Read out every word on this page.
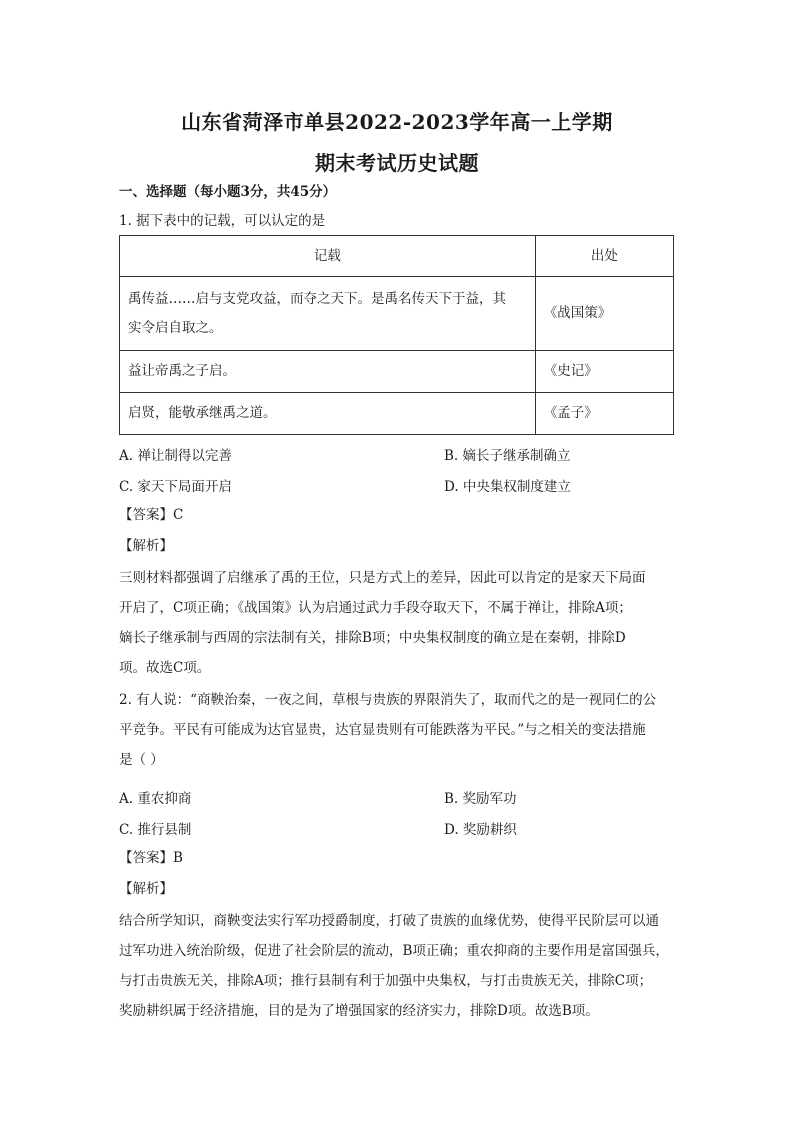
山东省菏泽市单县2022-2023学年高一上学期
期末考试历史试题
一、选择题（每小题3分，共45分）
1. 据下表中的记载，可以认定的是
记载	出处

禹传益……启与支党攻益，而夺之天下。是禹名传天下于益，其
实令启自取之。	《战国策》
益让帝禹之子启。	《史记》
启贤，能敬承继禹之道。	《孟子》
A. 禅让制得以完善	B. 嫡长子继承制确立
C. 家天下局面开启	D. 中央集权制度建立
【答案】C
【解析】
三则材料都强调了启继承了禹的王位，只是方式上的差异，因此可以肯定的是家天下局面
开启了，C项正确；《战国策》认为启通过武力手段夺取天下，不属于禅让，排除A项；
嫡长子继承制与西周的宗法制有关，排除B项；中央集权制度的确立是在秦朝，排除D
项。故选C项。
2. 有人说：“商鞅治秦，一夜之间，草根与贵族的界限消失了，取而代之的是一视同仁的公
平竞争。平民有可能成为达官显贵，达官显贵则有可能跌落为平民。”与之相关的变法措施
是（ ）
A. 重农抑商	B. 奖励军功
C. 推行县制	D. 奖励耕织
【答案】B
【解析】
结合所学知识，商鞅变法实行军功授爵制度，打破了贵族的血缘优势，使得平民阶层可以通
过军功进入统治阶级，促进了社会阶层的流动，B项正确；重农抑商的主要作用是富国强兵，
与打击贵族无关，排除A项；推行县制有利于加强中央集权，与打击贵族无关，排除C项；
奖励耕织属于经济措施，目的是为了增强国家的经济实力，排除D项。故选B项。
